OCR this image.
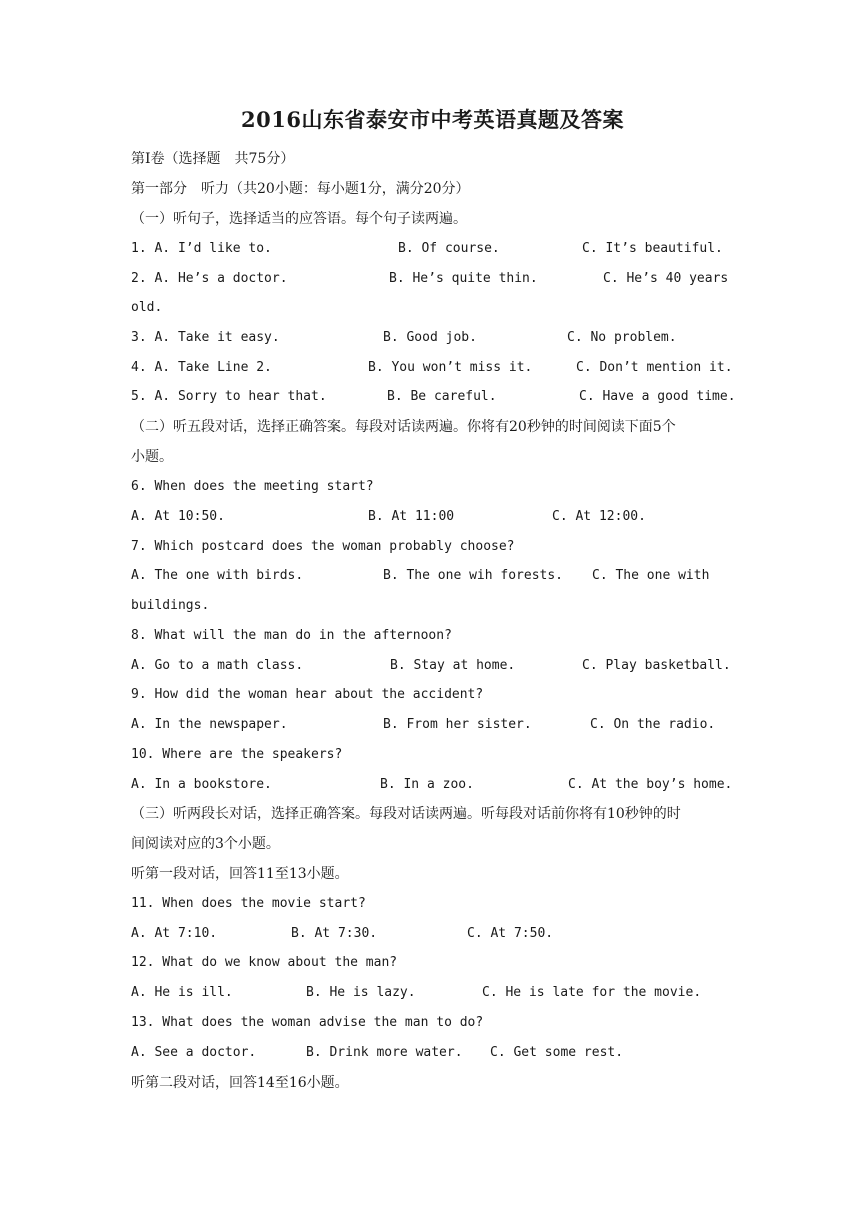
2016山东省泰安市中考英语真题及答案
第Ⅰ卷（选择题　共75分）
第一部分　听力（共20小题：每小题1分，满分20分）
（一）听句子，选择适当的应答语。每个句子读两遍。

1. A. I’d like to.

	B. Of course.

	C. It’s beautiful.

2. A. He’s a doctor.

	B. He’s quite thin.

	C. He’s 40 years

old.

3. A. Take it easy.

	B. Good job.

	C. No problem.

4. A. Take Line 2.

	B. You won’t miss it.

	C. Don’t mention it.

5. A. Sorry to hear that.

	B. Be careful.

	C. Have a good time.

（二）听五段对话，选择正确答案。每段对话读两遍。你将有20秒钟的时间阅读下面5个
小题。
6. When does the meeting start?

A. At 10:50.

	B. At 11:00

	C. At 12:00.

7. Which postcard does the woman probably choose?

A. The one with birds.

	B. The one wih forests.

C. The one with

buildings.
8. What will the man do in the afternoon?

A. Go to a math class.

	B. Stay at home.

	C. Play basketball.

9. How did the woman hear about the accident?

A. In the newspaper.

	B. From her sister.

	C. On the radio.

10. Where are the speakers?

A. In a bookstore.

	B. In a zoo.

	C. At the boy’s home.

（三）听两段长对话，选择正确答案。每段对话读两遍。听每段对话前你将有10秒钟的时
间阅读对应的3个小题。
听第一段对话，回答11至13小题。
11. When does the movie start?

A. At 7:10.

	B. At 7:30.

	C. At 7:50.

12. What do we know about the man?

A. He is ill.

	B. He is lazy.

	C. He is late for the movie.

13. What does the woman advise the man to do?

A. See a doctor.

	B. Drink more water.

C. Get some rest.

听第二段对话，回答14至16小题。
